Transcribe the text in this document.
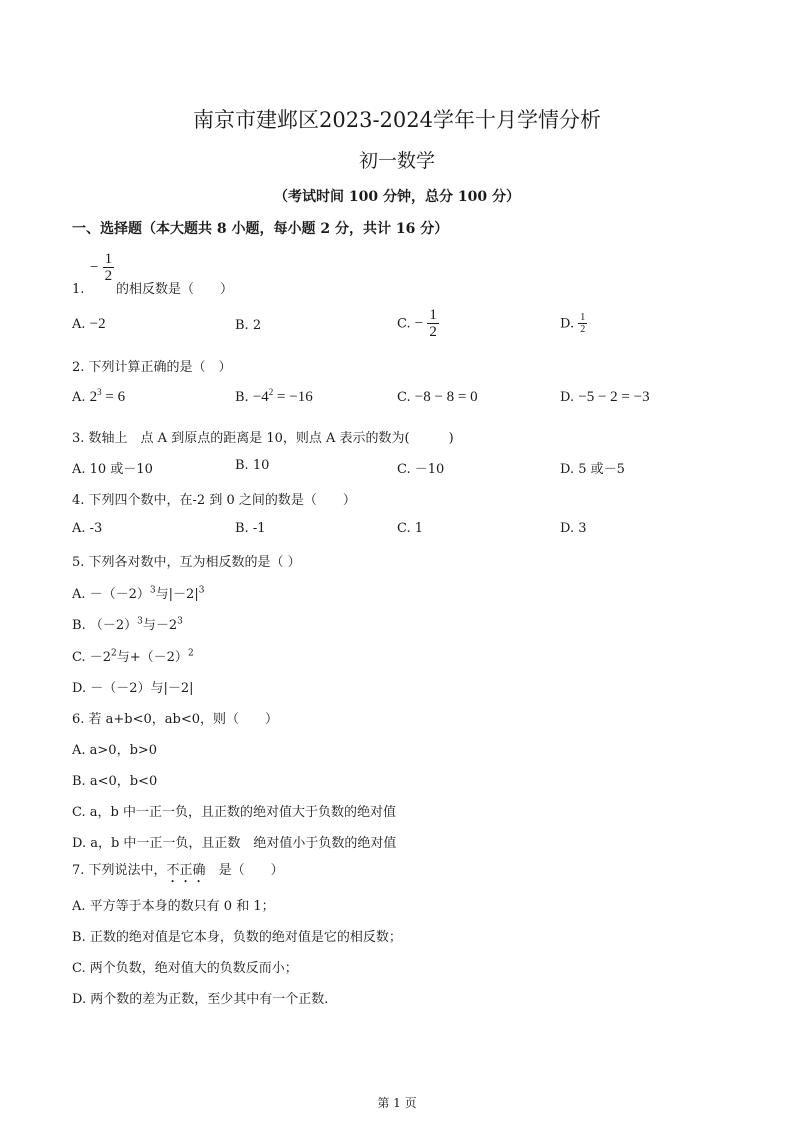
南京市建邺区2023-2024学年十月学情分析
初一数学
（考试时间 100 分钟，总分 100 分）
一、选择题（本大题共 8 小题，每小题 2 分，共计 16 分）
1.
− $\frac{1}{2}$
的相反数是（　　）
A. −2	B. 2	C. − $\frac{1}{2}$	D. $\frac{1}{2}$
2. 下列计算正确的是（　）
A. $2^3 = 6$	B. $-4^2 = -16$	C. −8 − 8 = 0	D. −5 − 2 = −3
3. 数轴上　点 A 到原点的距离是 10，则点 A 表示的数为(　　　)
A. 10 或－10	B. 10	C. －10	D. 5 或－5
4. 下列四个数中，在-2 到 0 之间的数是（　　）
A. -3	B. -1	C. 1	D. 3
5. 下列各对数中，互为相反数的是（ ）
A. $-(-2)^3$与$|-2|^3$
B. $(-2)^3$与$-2^3$
C. $-2^2$与$+(-2)^2$
D. －（－2）与|－2|
6. 若 a+b<0，ab<0，则（　　）
A. a>0，b>0
B. a<0，b<0
C. a，b 中一正一负，且正数的绝对值大于负数的绝对值
D. a，b 中一正一负，且正数　绝对值小于负数的绝对值
7. 下列说法中，不正确　是（　　）
A. 平方等于本身的数只有 0 和 1；
B. 正数的绝对值是它本身，负数的绝对值是它的相反数；
C. 两个负数，绝对值大的负数反而小；
D. 两个数的差为正数，至少其中有一个正数.
第 1 页
